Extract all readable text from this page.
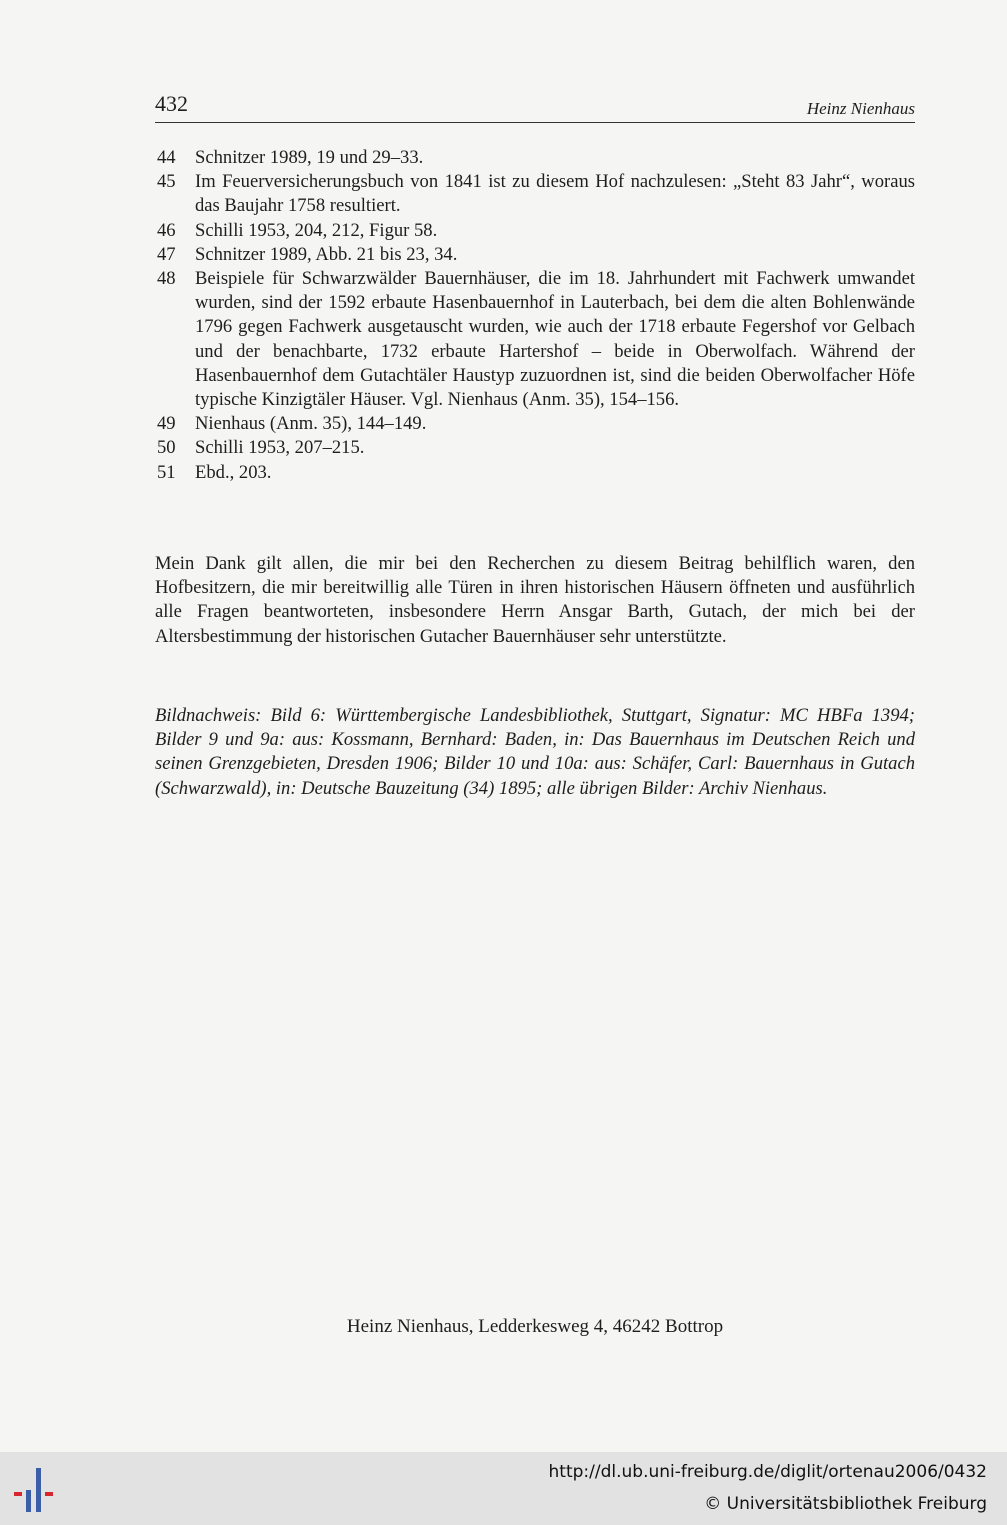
432	Heinz Nienhaus
44 Schnitzer 1989, 19 und 29–33.
45 Im Feuerversicherungsbuch von 1841 ist zu diesem Hof nachzulesen: „Steht 83 Jahr“, woraus das Baujahr 1758 resultiert.
46 Schilli 1953, 204, 212, Figur 58.
47 Schnitzer 1989, Abb. 21 bis 23, 34.
48 Beispiele für Schwarzwälder Bauernhäuser, die im 18. Jahrhundert mit Fachwerk umwandet wurden, sind der 1592 erbaute Hasenbauernhof in Lauterbach, bei dem die alten Bohlenwände 1796 gegen Fachwerk ausgetauscht wurden, wie auch der 1718 erbaute Fegershof vor Gelbach und der benachbarte, 1732 erbaute Hartershof – beide in Oberwolfach. Während der Hasenbauernhof dem Gutachtäler Haustyp zuzuordnen ist, sind die beiden Oberwolfacher Höfe typische Kinzigtäler Häuser. Vgl. Nienhaus (Anm. 35), 154–156.
49 Nienhaus (Anm. 35), 144–149.
50 Schilli 1953, 207–215.
51 Ebd., 203.

Mein Dank gilt allen, die mir bei den Recherchen zu diesem Beitrag behilflich waren, den Hofbesitzern, die mir bereitwillig alle Türen in ihren historischen Häusern öffneten und ausführlich alle Fragen beantworteten, insbesondere Herrn Ansgar Barth, Gutach, der mich bei der Altersbestimmung der historischen Gutacher Bauernhäuser sehr unterstützte.

Bildnachweis: Bild 6: Württembergische Landesbibliothek, Stuttgart, Signatur: MC HBFa 1394; Bilder 9 und 9a: aus: Kossmann, Bernhard: Baden, in: Das Bauernhaus im Deutschen Reich und seinen Grenzgebieten, Dresden 1906; Bilder 10 und 10a: aus: Schäfer, Carl: Bauernhaus in Gutach (Schwarzwald), in: Deutsche Bauzeitung (34) 1895; alle übrigen Bilder: Archiv Nienhaus.

Heinz Nienhaus, Ledderkesweg 4, 46242 Bottrop
http://dl.ub.uni-freiburg.de/diglit/ortenau2006/0432
© Universitätsbibliothek Freiburg
